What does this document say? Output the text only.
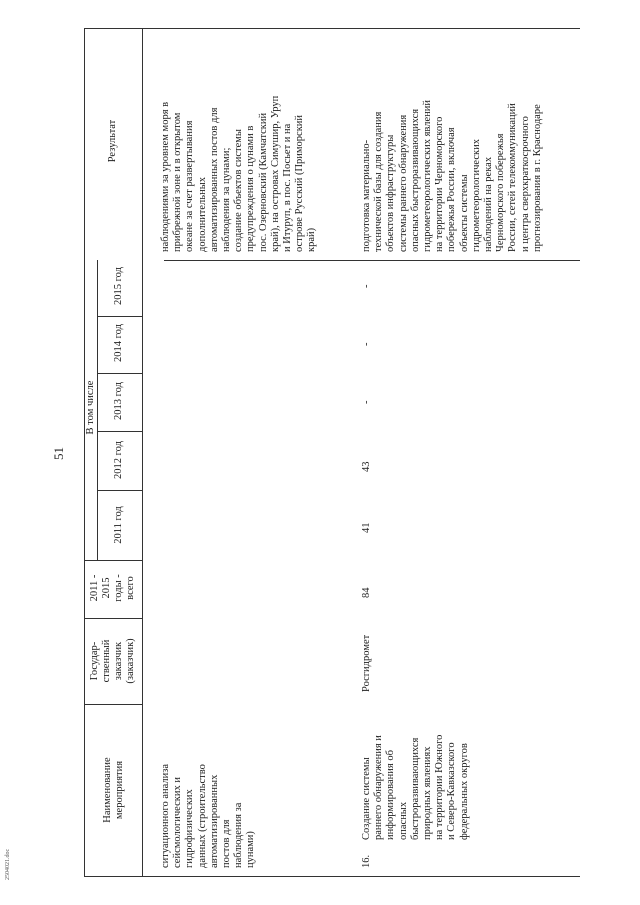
51
2504021.doc
Наименование
мероприятия
Государ-
ственный
заказчик
(заказчик)
2011 -
2015
годы -
всего
В том числе
2011 год
2012 год
2013 год
2014 год
2015 год
Результат
ситуационного анализа
сейсмологических и
гидрофизических
данных (строительство
автоматизированных
постов для
наблюдения за
цунами)
наблюдениями за уровнем моря в
прибрежной зоне и в открытом
океане за счет развертывания
дополнительных
автоматизированных постов для
наблюдения за цунами;
создание объектов системы
предупреждения о цунами в
пос. Озерновский (Камчатский
край), на островах Симушир, Уруп
и Итуруп, в пос. Посьет и на
острове Русский (Приморский
край)
16.
Создание системы
раннего обнаружения и
информирования об
опасных
быстроразвивающихся
природных явлениях
на территории Южного
и Северо-Кавказского
федеральных округов
Росгидромет
84
41
43
-
-
-
подготовка материально-
технической базы для создания
объектов инфраструктуры
системы раннего обнаружения
опасных быстроразвивающихся
гидрометеорологических явлений
на территории Черноморского
побережья России, включая
объекты системы
гидрометеорологических
наблюдений на реках
Черноморского побережья
России, сетей телекоммуникаций
и центра сверхкраткосрочного
прогнозирования в г. Краснодаре
